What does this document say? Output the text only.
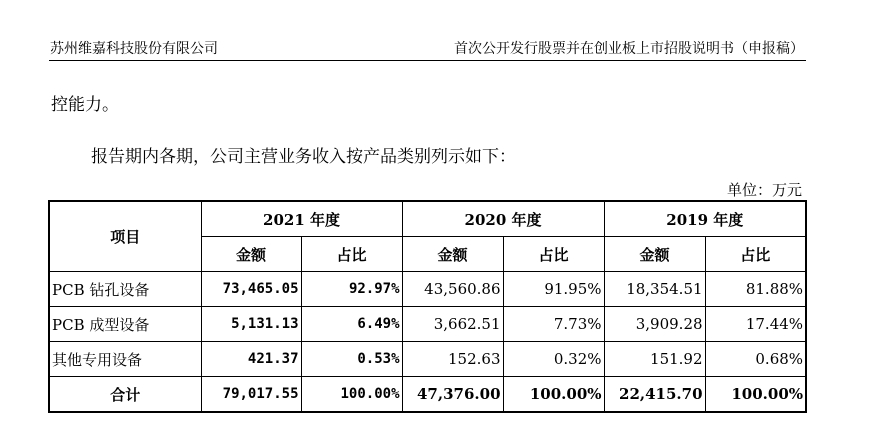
苏州维嘉科技股份有限公司	首次公开发行股票并在创业板上市招股说明书（申报稿）
控能力。
报告期内各期，公司主营业务收入按产品类别列示如下：
单位：万元
项目	2021 年度		2020 年度		2019 年度	
	金额	占比	金额	占比	金额	占比
PCB 钻孔设备	73,465.05	92.97%	43,560.86	91.95%	18,354.51	81.88%
PCB 成型设备	5,131.13	6.49%	3,662.51	7.73%	3,909.28	17.44%
其他专用设备	421.37	0.53%	152.63	0.32%	151.92	0.68%
合计	79,017.55	100.00%	47,376.00	100.00%	22,415.70	100.00%
